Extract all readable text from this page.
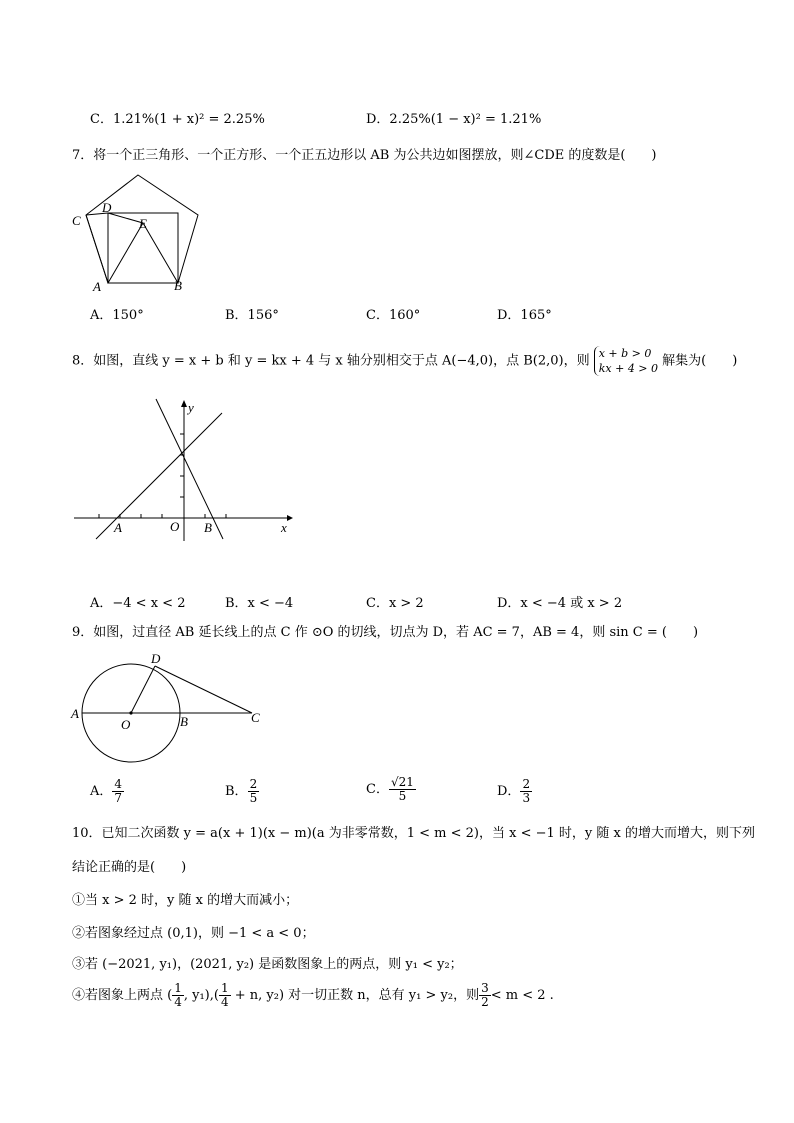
C．1.21%(1 + x)² = 2.25%	D．2.25%(1 − x)² = 1.21%
7．将一个正三角形、一个正方形、一个正五边形以 AB 为公共边如图摆放，则∠CDE 的度数是(　　)
C
D
E
A	B
A．150°	B．156°	C．160°	D．165°
8．如图，直线 y = x + b 和 y = kx + 4 与 x 轴分别相交于点 A(−4,0)，点 B(2,0)，则 x + b > 0
kx + 4 > 0 解集为(　　)
y
x
O
A	B
A．−4 < x < 2	B．x < −4	C．x > 2	D．x < −4 或 x > 2
9．如图，过直径 AB 延长线上的点 C 作 ⊙O 的切线，切点为 D，若 AC = 7，AB = 4，则 sin C = (　　)
A
O	B	C
D
A． $\frac{4}{7}$	B． $\frac{2}{5}$	C． $\frac{√21}{5}$	D． $\frac{2}{3}$
10．已知二次函数 y = a(x + 1)(x − m)(a 为非零常数，1 < m < 2)，当 x < −1 时，y 随 x 的增大而增大，则下列
结论正确的是(　　)
①当 x > 2 时，y 随 x 的增大而减小；
②若图象经过点 (0,1)，则 −1 < a < 0；
③若 (−2021, y₁)，(2021, y₂) 是函数图象上的两点，则 y₁ < y₂；
④若图象上两点 ( $\frac{1}{4}$ , $y_1),( \frac{1}{4} + n$, y₂) 对一切正数 n，总有 y₁ > y₂，则 $\frac{3}{2} < m < 2$ .
